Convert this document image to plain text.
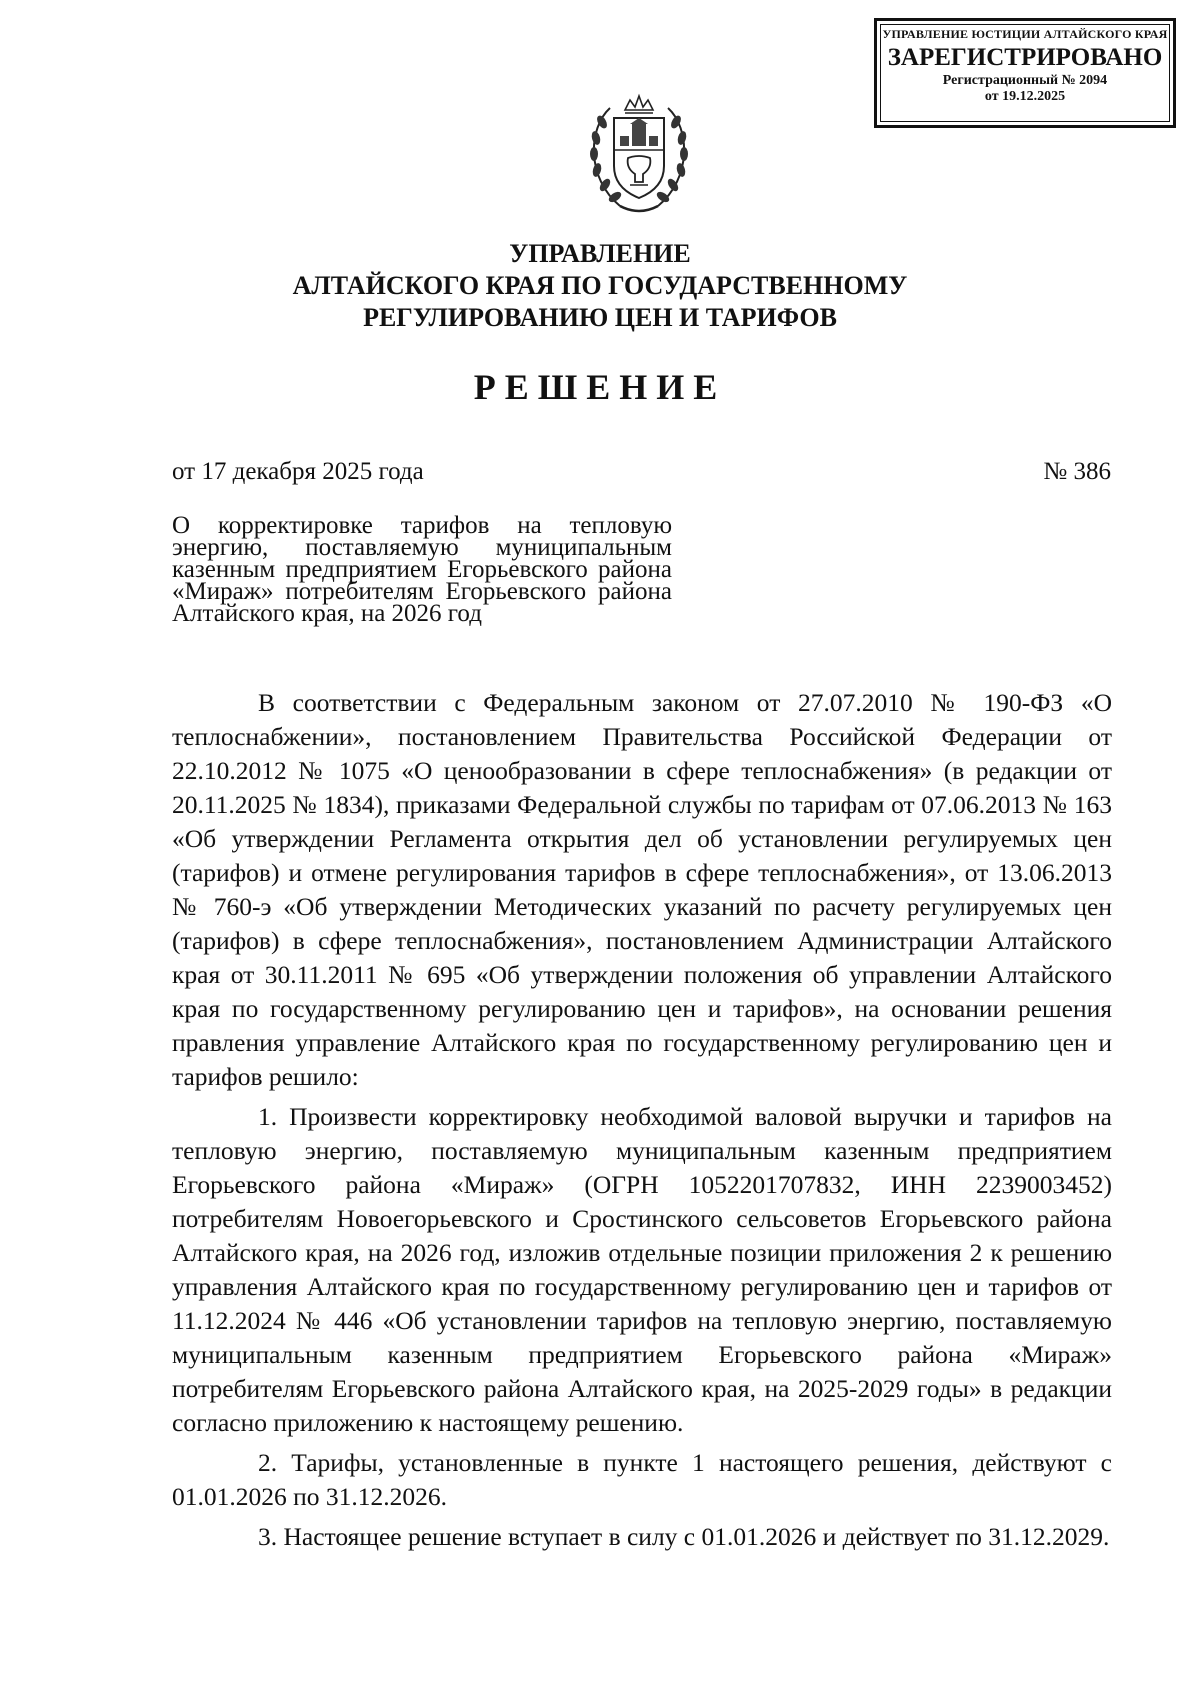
УПРАВЛЕНИЕ ЮСТИЦИИ АЛТАЙСКОГО КРАЯ
ЗАРЕГИСТРИРОВАНО
Регистрационный № 2094
от 19.12.2025
УПРАВЛЕНИЕ
АЛТАЙСКОГО КРАЯ ПО ГОСУДАРСТВЕННОМУ
РЕГУЛИРОВАНИЮ ЦЕН И ТАРИФОВ
РЕШЕНИЕ
от 17 декабря 2025 года	№ 386
О корректировке тарифов на тепловую энергию, поставляемую муниципальным казенным предприятием Егорьевского района «Мираж» потребителям Егорьевского района Алтайского края, на 2026 год

В соответствии с Федеральным законом от 27.07.2010 № 190-ФЗ «О теплоснабжении», постановлением Правительства Российской Федерации от 22.10.2012 № 1075 «О ценообразовании в сфере теплоснабжения» (в редакции от 20.11.2025 № 1834), приказами Федеральной службы по тарифам от 07.06.2013 № 163 «Об утверждении Регламента открытия дел об установлении регулируемых цен (тарифов) и отмене регулирования тарифов в сфере теплоснабжения», от 13.06.2013 № 760-э «Об утверждении Методических указаний по расчету регулируемых цен (тарифов) в сфере теплоснабжения», постановлением Администрации Алтайского края от 30.11.2011 № 695 «Об утверждении положения об управлении Алтайского края по государственному регулированию цен и тарифов», на основании решения правления управление Алтайского края по государственному регулированию цен и тарифов решило:

1. Произвести корректировку необходимой валовой выручки и тарифов на тепловую энергию, поставляемую муниципальным казенным предприятием Егорьевского района «Мираж» (ОГРН 1052201707832, ИНН 2239003452) потребителям Новоегорьевского и Сростинского сельсоветов Егорьевского района Алтайского края, на 2026 год, изложив отдельные позиции приложения 2 к решению управления Алтайского края по государственному регулированию цен и тарифов от 11.12.2024 № 446 «Об установлении тарифов на тепловую энергию, поставляемую муниципальным казенным предприятием Егорьевского района «Мираж» потребителям Егорьевского района Алтайского края, на 2025-2029 годы» в редакции согласно приложению к настоящему решению.

2. Тарифы, установленные в пункте 1 настоящего решения, действуют с 01.01.2026 по 31.12.2026.

3. Настоящее решение вступает в силу с 01.01.2026 и действует по 31.12.2029.
